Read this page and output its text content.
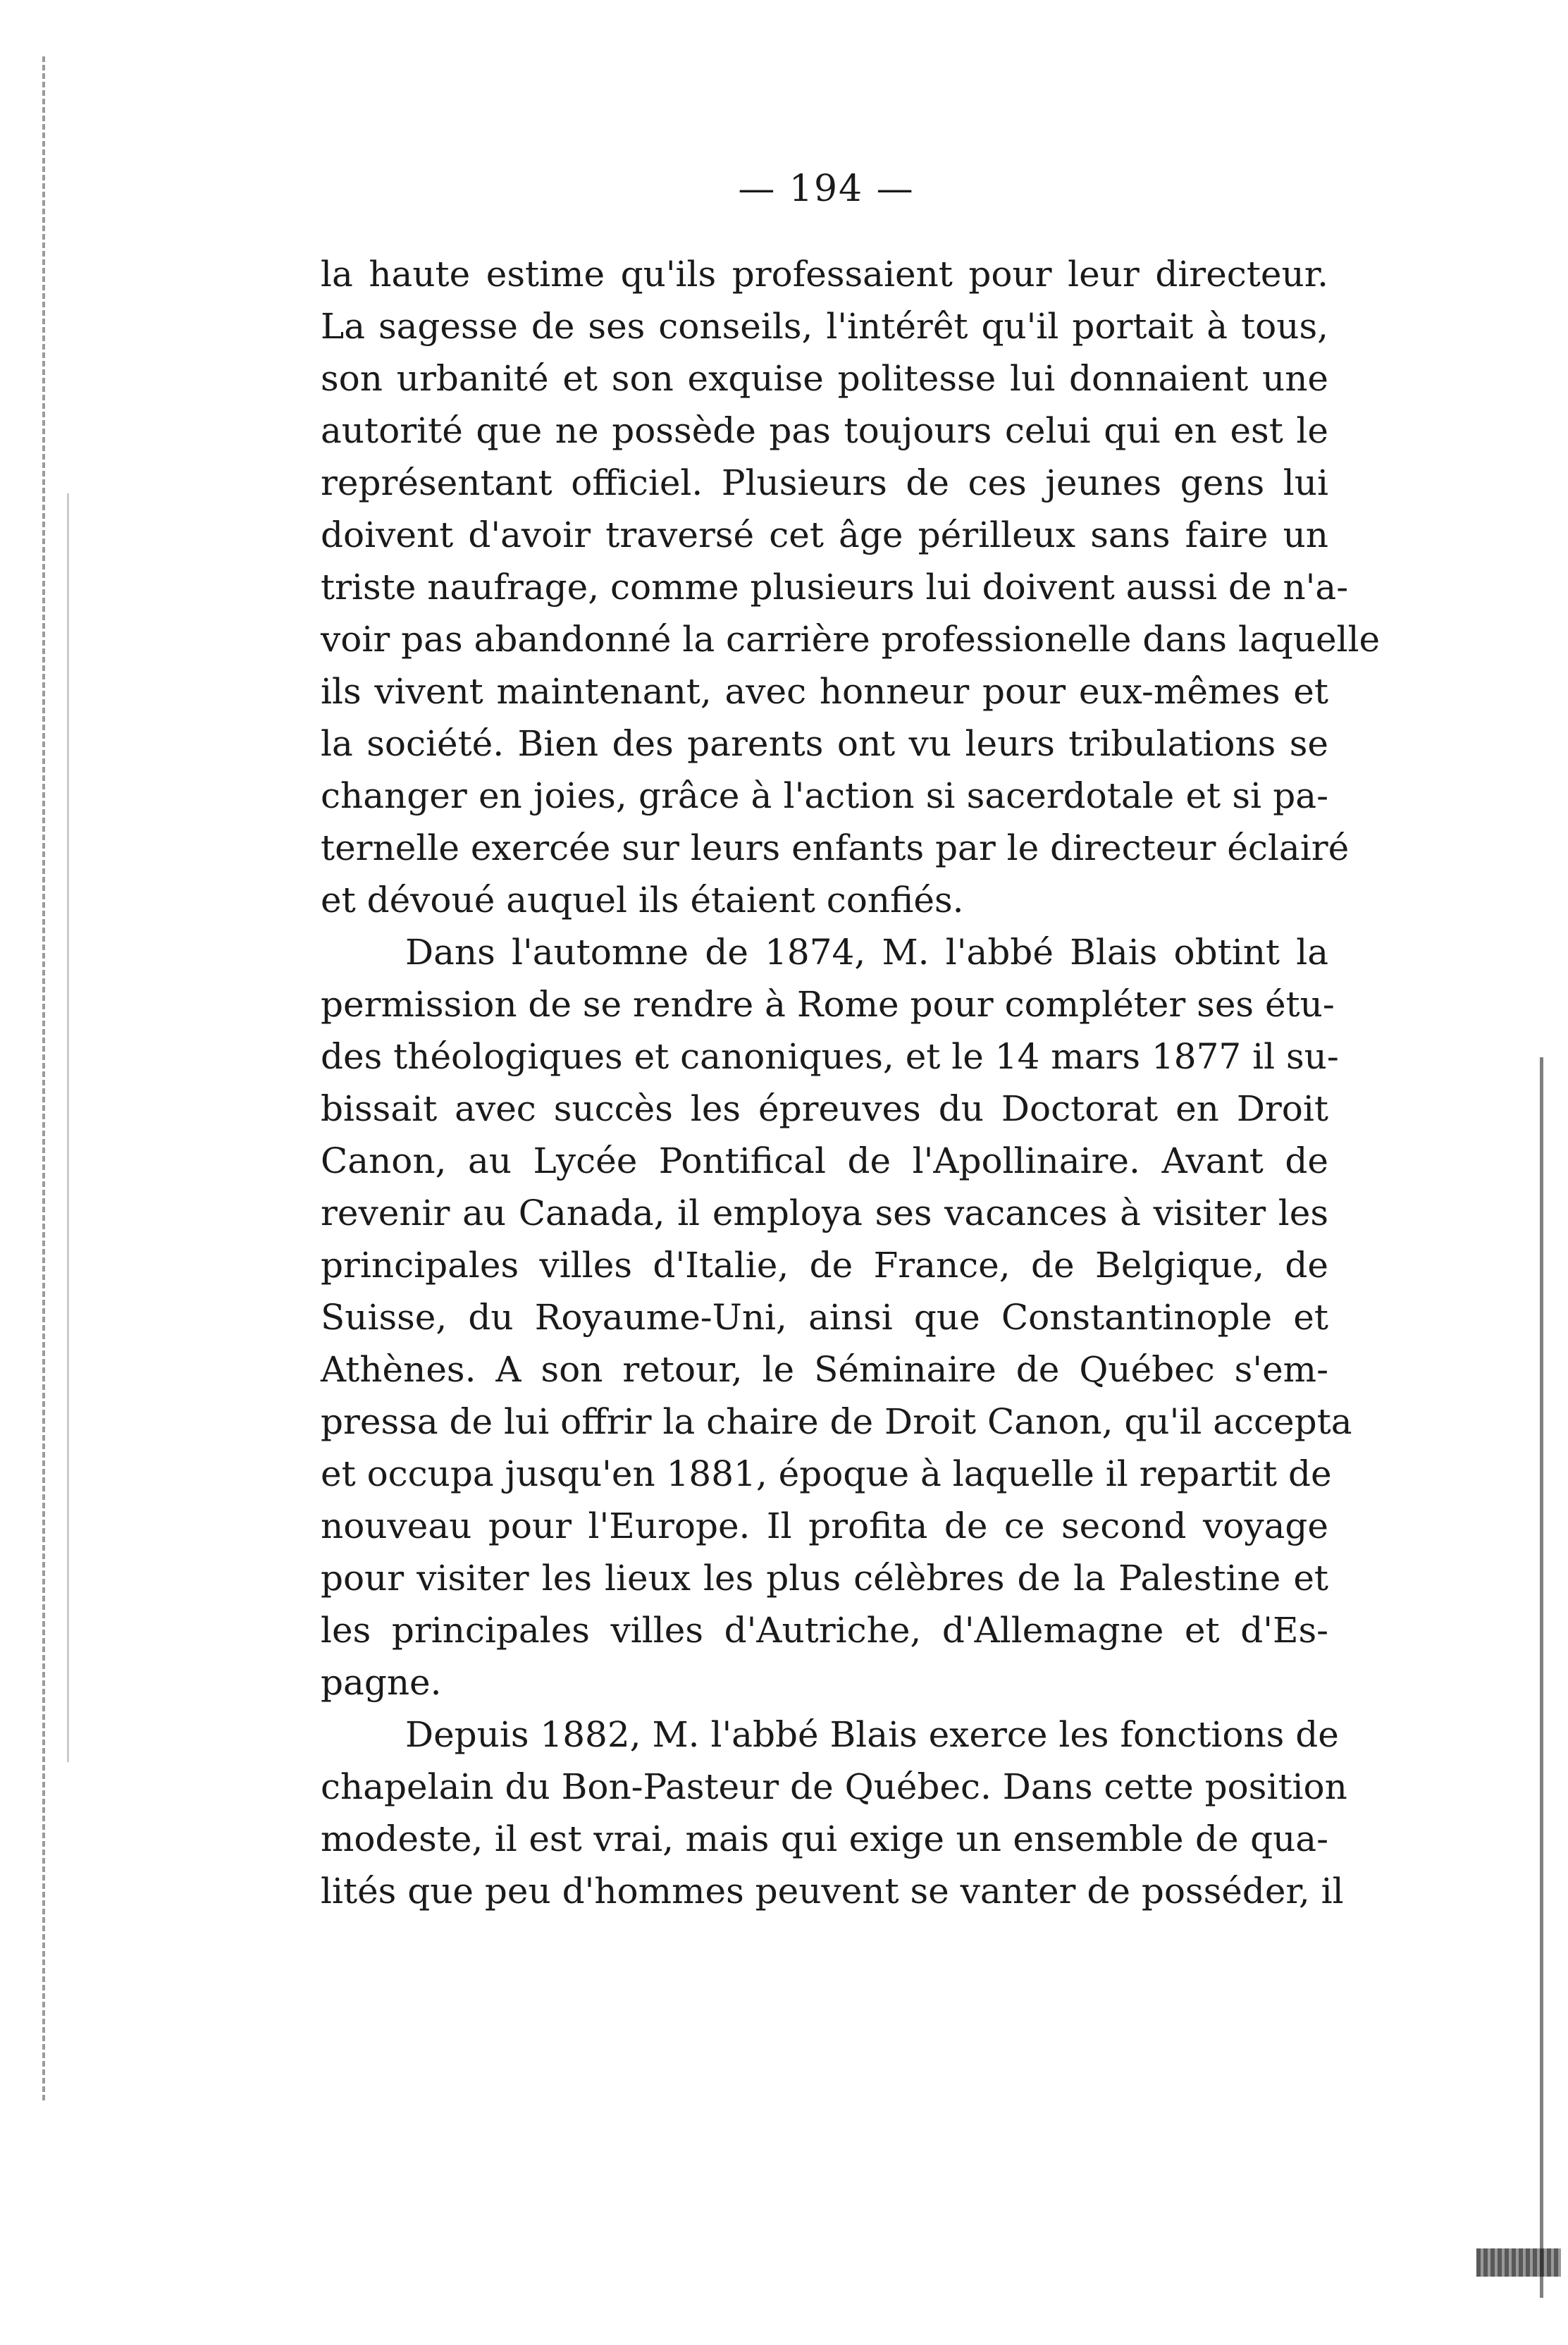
— 194 —
la haute estime qu'ils professaient pour leur directeur.
La sagesse de ses conseils, l'intérêt qu'il portait à tous,
son urbanité et son exquise politesse lui donnaient une
autorité que ne possède pas toujours celui qui en est le
représentant officiel. Plusieurs de ces jeunes gens lui
doivent d'avoir traversé cet âge périlleux sans faire un
triste naufrage, comme plusieurs lui doivent aussi de n'a-
voir pas abandonné la carrière professionelle dans laquelle
ils vivent maintenant, avec honneur pour eux-mêmes et
la société. Bien des parents ont vu leurs tribulations se
changer en joies, grâce à l'action si sacerdotale et si pa-
ternelle exercée sur leurs enfants par le directeur éclairé
et dévoué auquel ils étaient confiés.
Dans l'automne de 1874, M. l'abbé Blais obtint la
permission de se rendre à Rome pour compléter ses étu-
des théologiques et canoniques, et le 14 mars 1877 il su-
bissait avec succès les épreuves du Doctorat en Droit
Canon, au Lycée Pontifical de l'Apollinaire. Avant de
revenir au Canada, il employa ses vacances à visiter les
principales villes d'Italie, de France, de Belgique, de
Suisse, du Royaume-Uni, ainsi que Constantinople et
Athènes. A son retour, le Séminaire de Québec s'em-
pressa de lui offrir la chaire de Droit Canon, qu'il accepta
et occupa jusqu'en 1881, époque à laquelle il repartit de
nouveau pour l'Europe. Il profita de ce second voyage
pour visiter les lieux les plus célèbres de la Palestine et
les principales villes d'Autriche, d'Allemagne et d'Es-
pagne.
Depuis 1882, M. l'abbé Blais exerce les fonctions de
chapelain du Bon-Pasteur de Québec. Dans cette position
modeste, il est vrai, mais qui exige un ensemble de qua-
lités que peu d'hommes peuvent se vanter de posséder, il
